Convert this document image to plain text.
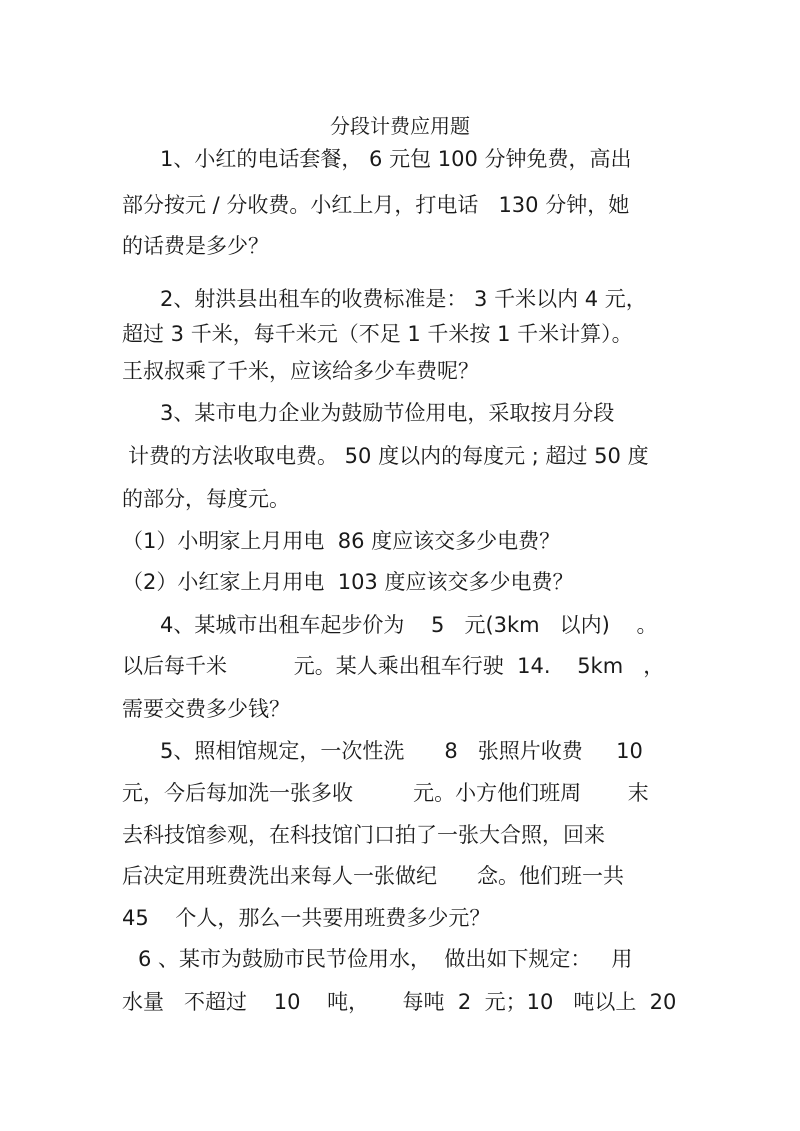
分段计费应用题
1、小红的电话套餐， 6 元包 100 分钟免费，高出
部分按元 / 分收费。小红上月，打电话   130 分钟，她
的话费是多少？
2、射洪县出租车的收费标准是： 3 千米以内 4 元，
超过 3 千米，每千米元（不足 1 千米按 1 千米计算）。
王叔叔乘了千米，应该给多少车费呢？
3、某市电力企业为鼓励节俭用电，采取按月分段
计费的方法收取电费。 50 度以内的每度元 ; 超过 50 度
的部分，每度元。
（1）小明家上月用电  86 度应该交多少电费？
（2）小红家上月用电  103 度应该交多少电费？
4、某城市出租车起步价为    5   元(3km   以内)    。
以后每千米          元。某人乘出租车行驶  14.    5km   ，
需要交费多少钱？
5、照相馆规定，一次性洗      8   张照片收费     10
元，今后每加洗一张多收         元。小方他们班周       末
去科技馆参观，在科技馆门口拍了一张大合照，回来
后决定用班费洗出来每人一张做纪      念。他们班一共
45    个人，那么一共要用班费多少元？
6 、某市为鼓励市民节俭用水，  做出如下规定：   用
水量   不超过    10    吨，     每吨  2  元；10   吨以上  20
